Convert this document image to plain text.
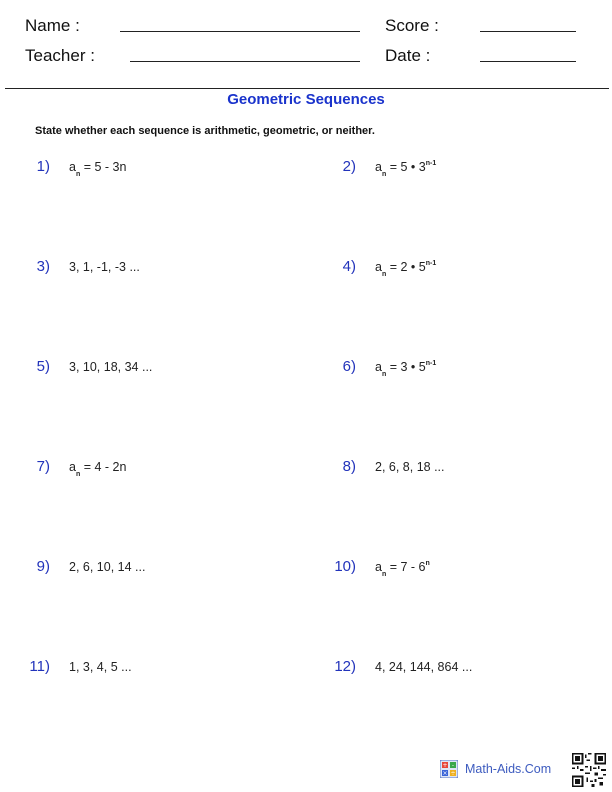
Name :	Score :
Teacher :	Date :
Geometric Sequences
State whether each sequence is arithmetic, geometric, or neither.
1) $a_n = 5 - 3n$	2) $a_n = 5$ • 3$^{n-1}$
3) 3, 1, -1, -3 ...	4) $a_n = 2$ • 5$^{n-1}$
5) 3, 10, 18, 34 ...	6) $a_n = 3$ • 5$^{n-1}$
7) $a_n = 4 - 2n$	8) 2, 6, 8, 18 ...
9) 2, 6, 10, 14 ...	10) $a_n = 7 - 6^n$
11) 1, 3, 4, 5 ...	12) 4, 24, 144, 864 ...
+ -
× ÷ Math-Aids.Com
